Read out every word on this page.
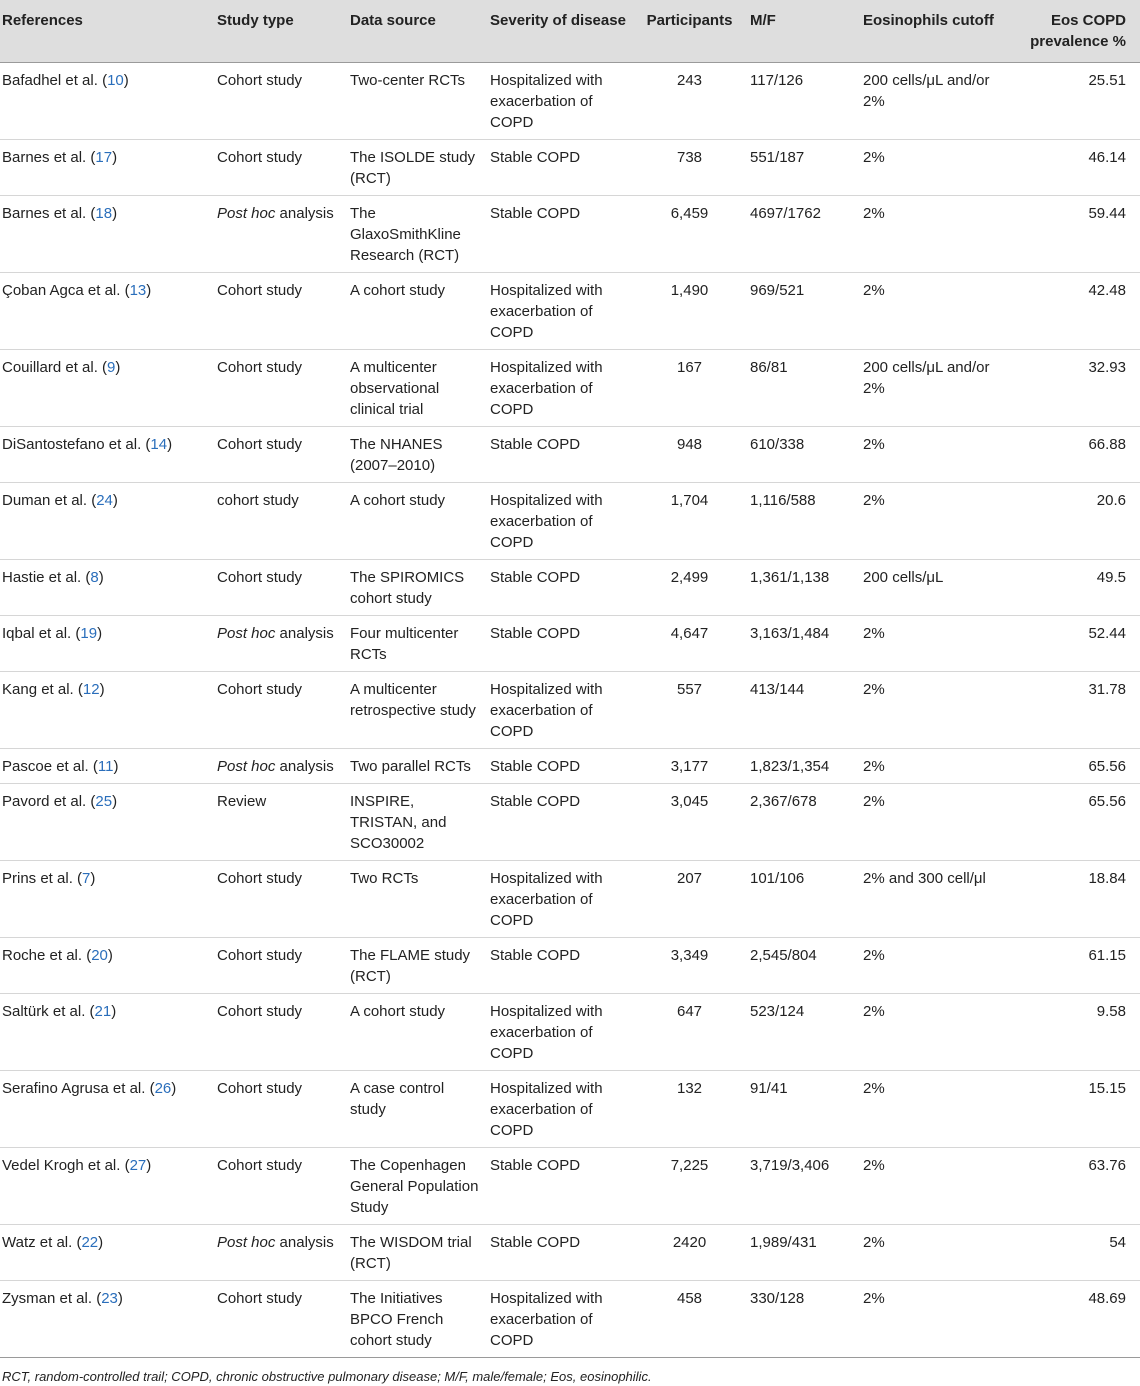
References	Study type	Data source	Severity of disease	Participants	M/F	Eosinophils cutoff	Eos COPD prevalence %
Bafadhel et al. (10)	Cohort study	Two-center RCTs	Hospitalized with exacerbation of COPD	243	117/126	200 cells/μL and/or 2%	25.51
Barnes et al. (17)	Cohort study	The ISOLDE study (RCT)	Stable COPD	738	551/187	2%	46.14
Barnes et al. (18)	Post hoc analysis	The GlaxoSmithKline Research (RCT)	Stable COPD	6,459	4697/1762	2%	59.44
Çoban Agca et al. (13)	Cohort study	A cohort study	Hospitalized with exacerbation of COPD	1,490	969/521	2%	42.48
Couillard et al. (9)	Cohort study	A multicenter observational clinical trial	Hospitalized with exacerbation of COPD	167	86/81	200 cells/μL and/or 2%	32.93
DiSantostefano et al. (14)	Cohort study	The NHANES (2007–2010)	Stable COPD	948	610/338	2%	66.88
Duman et al. (24)	cohort study	A cohort study	Hospitalized with exacerbation of COPD	1,704	1,116/588	2%	20.6
Hastie et al. (8)	Cohort study	The SPIROMICS cohort study	Stable COPD	2,499	1,361/1,138	200 cells/μL	49.5
Iqbal et al. (19)	Post hoc analysis	Four multicenter RCTs	Stable COPD	4,647	3,163/1,484	2%	52.44
Kang et al. (12)	Cohort study	A multicenter retrospective study	Hospitalized with exacerbation of COPD	557	413/144	2%	31.78
Pascoe et al. (11)	Post hoc analysis	Two parallel RCTs	Stable COPD	3,177	1,823/1,354	2%	65.56
Pavord et al. (25)	Review	INSPIRE, TRISTAN, and SCO30002	Stable COPD	3,045	2,367/678	2%	65.56
Prins et al. (7)	Cohort study	Two RCTs	Hospitalized with exacerbation of COPD	207	101/106	2% and 300 cell/μl	18.84
Roche et al. (20)	Cohort study	The FLAME study (RCT)	Stable COPD	3,349	2,545/804	2%	61.15
Saltürk et al. (21)	Cohort study	A cohort study	Hospitalized with exacerbation of COPD	647	523/124	2%	9.58
Serafino Agrusa et al. (26)	Cohort study	A case control study	Hospitalized with exacerbation of COPD	132	91/41	2%	15.15
Vedel Krogh et al. (27)	Cohort study	The Copenhagen General Population Study	Stable COPD	7,225	3,719/3,406	2%	63.76
Watz et al. (22)	Post hoc analysis	The WISDOM trial (RCT)	Stable COPD	2420	1,989/431	2%	54
Zysman et al. (23)	Cohort study	The Initiatives BPCO French cohort study	Hospitalized with exacerbation of COPD	458	330/128	2%	48.69
RCT, random-controlled trail; COPD, chronic obstructive pulmonary disease; M/F, male/female; Eos, eosinophilic.
